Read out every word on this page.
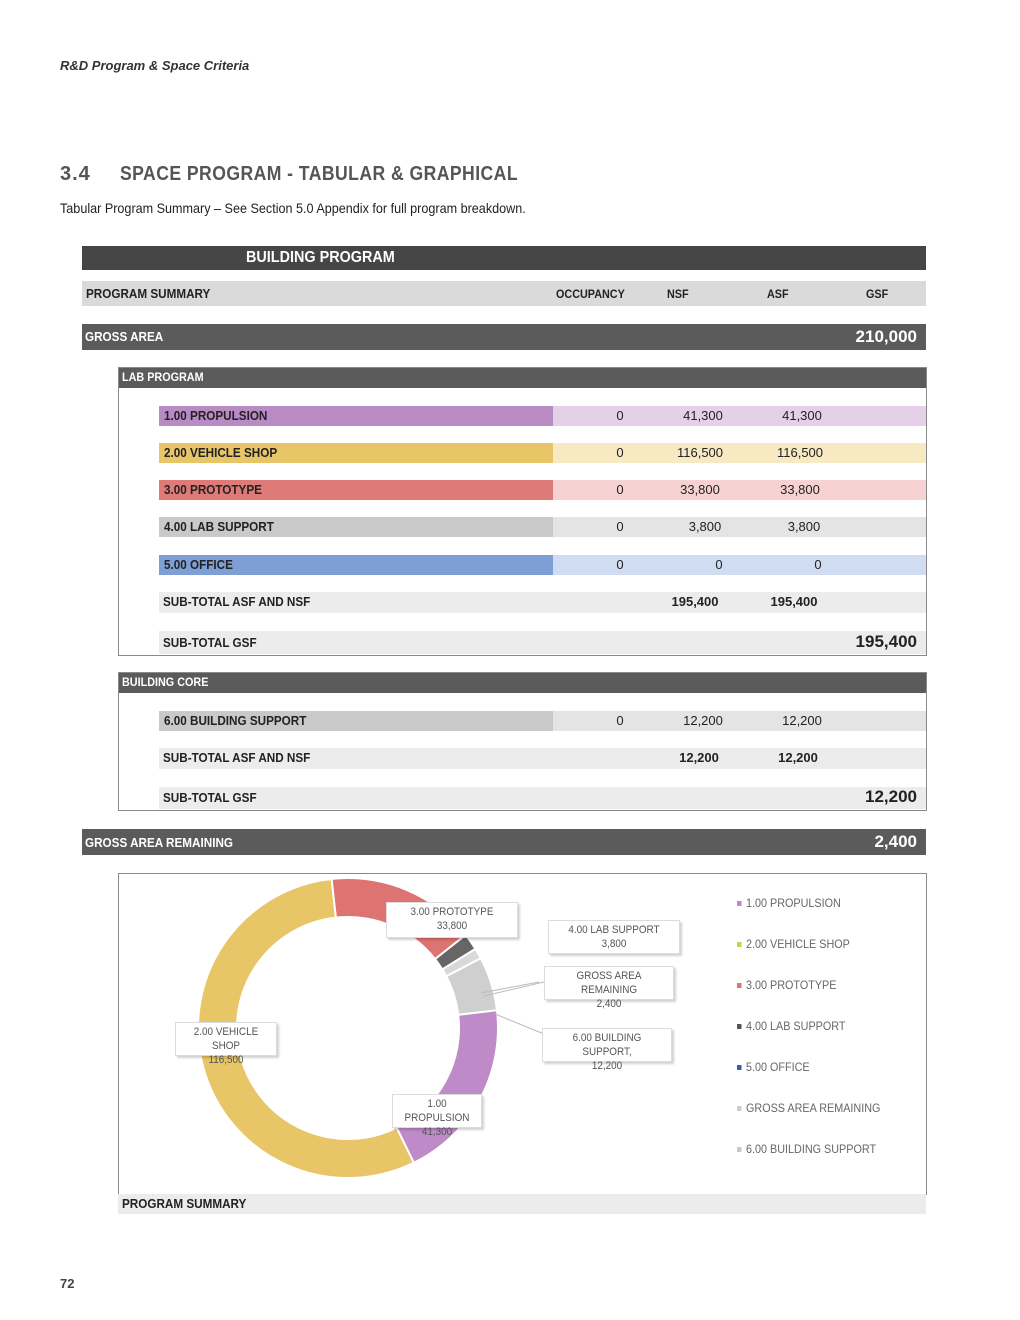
R&D Program & Space Criteria
3.4 SPACE PROGRAM - TABULAR & GRAPHICAL
Tabular Program Summary – See Section 5.0 Appendix for full program breakdown.
BUILDING PROGRAM
PROGRAM SUMMARY	OCCUPANCY	NSF	ASF	GSF
GROSS AREA	210,000
LAB PROGRAM
1.00 PROPULSION	0	41,300	41,300
2.00 VEHICLE SHOP	0	116,500	116,500
3.00 PROTOTYPE	0	33,800	33,800
4.00 LAB SUPPORT	0	3,800	3,800
5.00 OFFICE	0	0	0
SUB-TOTAL ASF AND NSF	195,400	195,400
SUB-TOTAL GSF	195,400
BUILDING CORE
6.00 BUILDING SUPPORT	0	12,200	12,200
SUB-TOTAL ASF AND NSF	12,200	12,200
SUB-TOTAL GSF	12,200
GROSS AREA REMAINING	2,400
3.00 PROTOTYPE
33,800	4.00 LAB SUPPORT
3,800
GROSS AREA REMAINING
2,400
6.00 BUILDING SUPPORT,
12,200
2.00 VEHICLE SHOP
116,500
1.00 PROPULSION
41,300
1.00 PROPULSION
2.00 VEHICLE SHOP
3.00 PROTOTYPE
4.00 LAB SUPPORT
5.00 OFFICE
GROSS AREA REMAINING
6.00 BUILDING SUPPORT
PROGRAM SUMMARY
72
